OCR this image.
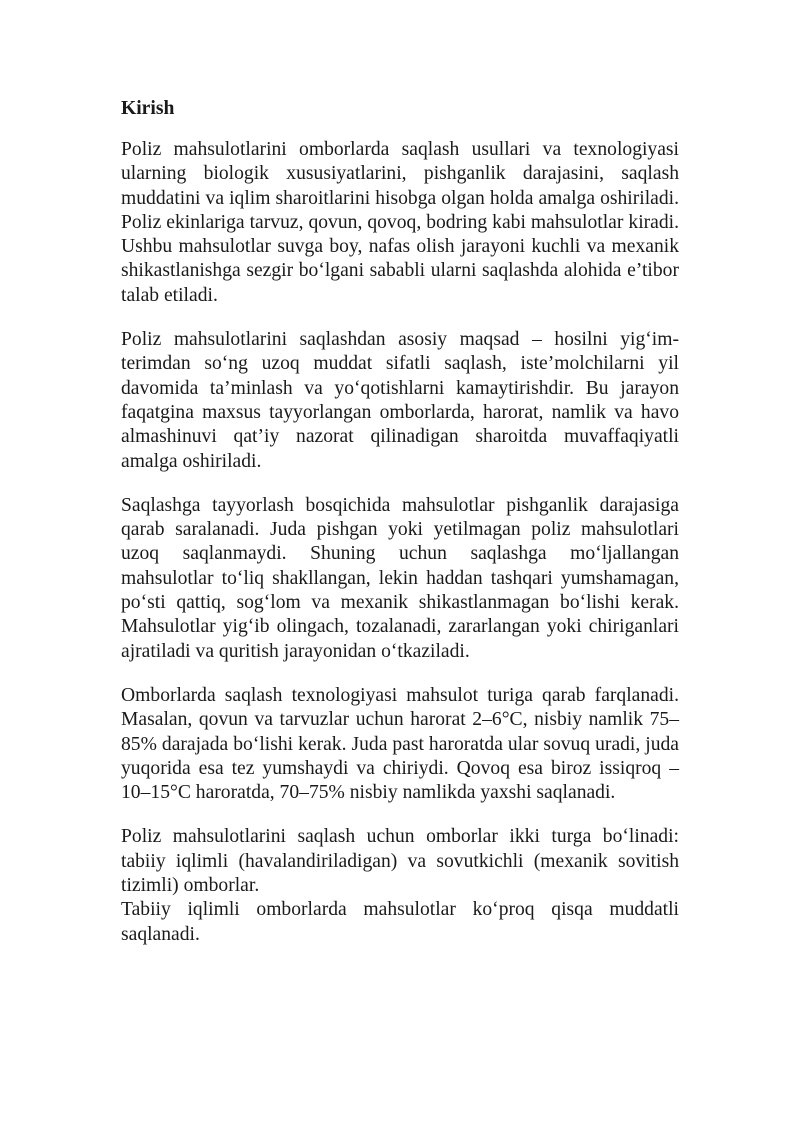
Kirish

Poliz mahsulotlarini omborlarda saqlash usullari va texnologiyasi ularning biologik xususiyatlarini, pishganlik darajasini, saqlash muddatini va iqlim sharoitlarini hisobga olgan holda amalga oshiriladi. Poliz ekinlariga tarvuz, qovun, qovoq, bodring kabi mahsulotlar kiradi. Ushbu mahsulotlar suvga boy, nafas olish jarayoni kuchli va mexanik shikastlanishga sezgir bo‘lgani sababli ularni saqlashda alohida e’tibor talab etiladi.

Poliz mahsulotlarini saqlashdan asosiy maqsad – hosilni yig‘im-terimdan so‘ng uzoq muddat sifatli saqlash, iste’molchilarni yil davomida ta’minlash va yo‘qotishlarni kamaytirishdir. Bu jarayon faqatgina maxsus tayyorlangan omborlarda, harorat, namlik va havo almashinuvi qat’iy nazorat qilinadigan sharoitda muvaffaqiyatli amalga oshiriladi.

Saqlashga tayyorlash bosqichida mahsulotlar pishganlik darajasiga qarab saralanadi. Juda pishgan yoki yetilmagan poliz mahsulotlari uzoq saqlanmaydi. Shuning uchun saqlashga mo‘ljallangan mahsulotlar to‘liq shakllangan, lekin haddan tashqari yumshamagan, po‘sti qattiq, sog‘lom va mexanik shikastlanmagan bo‘lishi kerak. Mahsulotlar yig‘ib olingach, tozalanadi, zararlangan yoki chiriganlari ajratiladi va quritish jarayonidan o‘tkaziladi.

Omborlarda saqlash texnologiyasi mahsulot turiga qarab farqlanadi. Masalan, qovun va tarvuzlar uchun harorat 2–6°C, nisbiy namlik 75–85% darajada bo‘lishi kerak. Juda past haroratda ular sovuq uradi, juda yuqorida esa tez yumshaydi va chiriydi. Qovoq esa biroz issiqroq – 10–15°C haroratda, 70–75% nisbiy namlikda yaxshi saqlanadi.

Poliz mahsulotlarini saqlash uchun omborlar ikki turga bo‘linadi: tabiiy iqlimli (havalandiriladigan) va sovutkichli (mexanik sovitish tizimli) omborlar.

Tabiiy iqlimli omborlarda mahsulotlar ko‘proq qisqa muddatli saqlanadi.
